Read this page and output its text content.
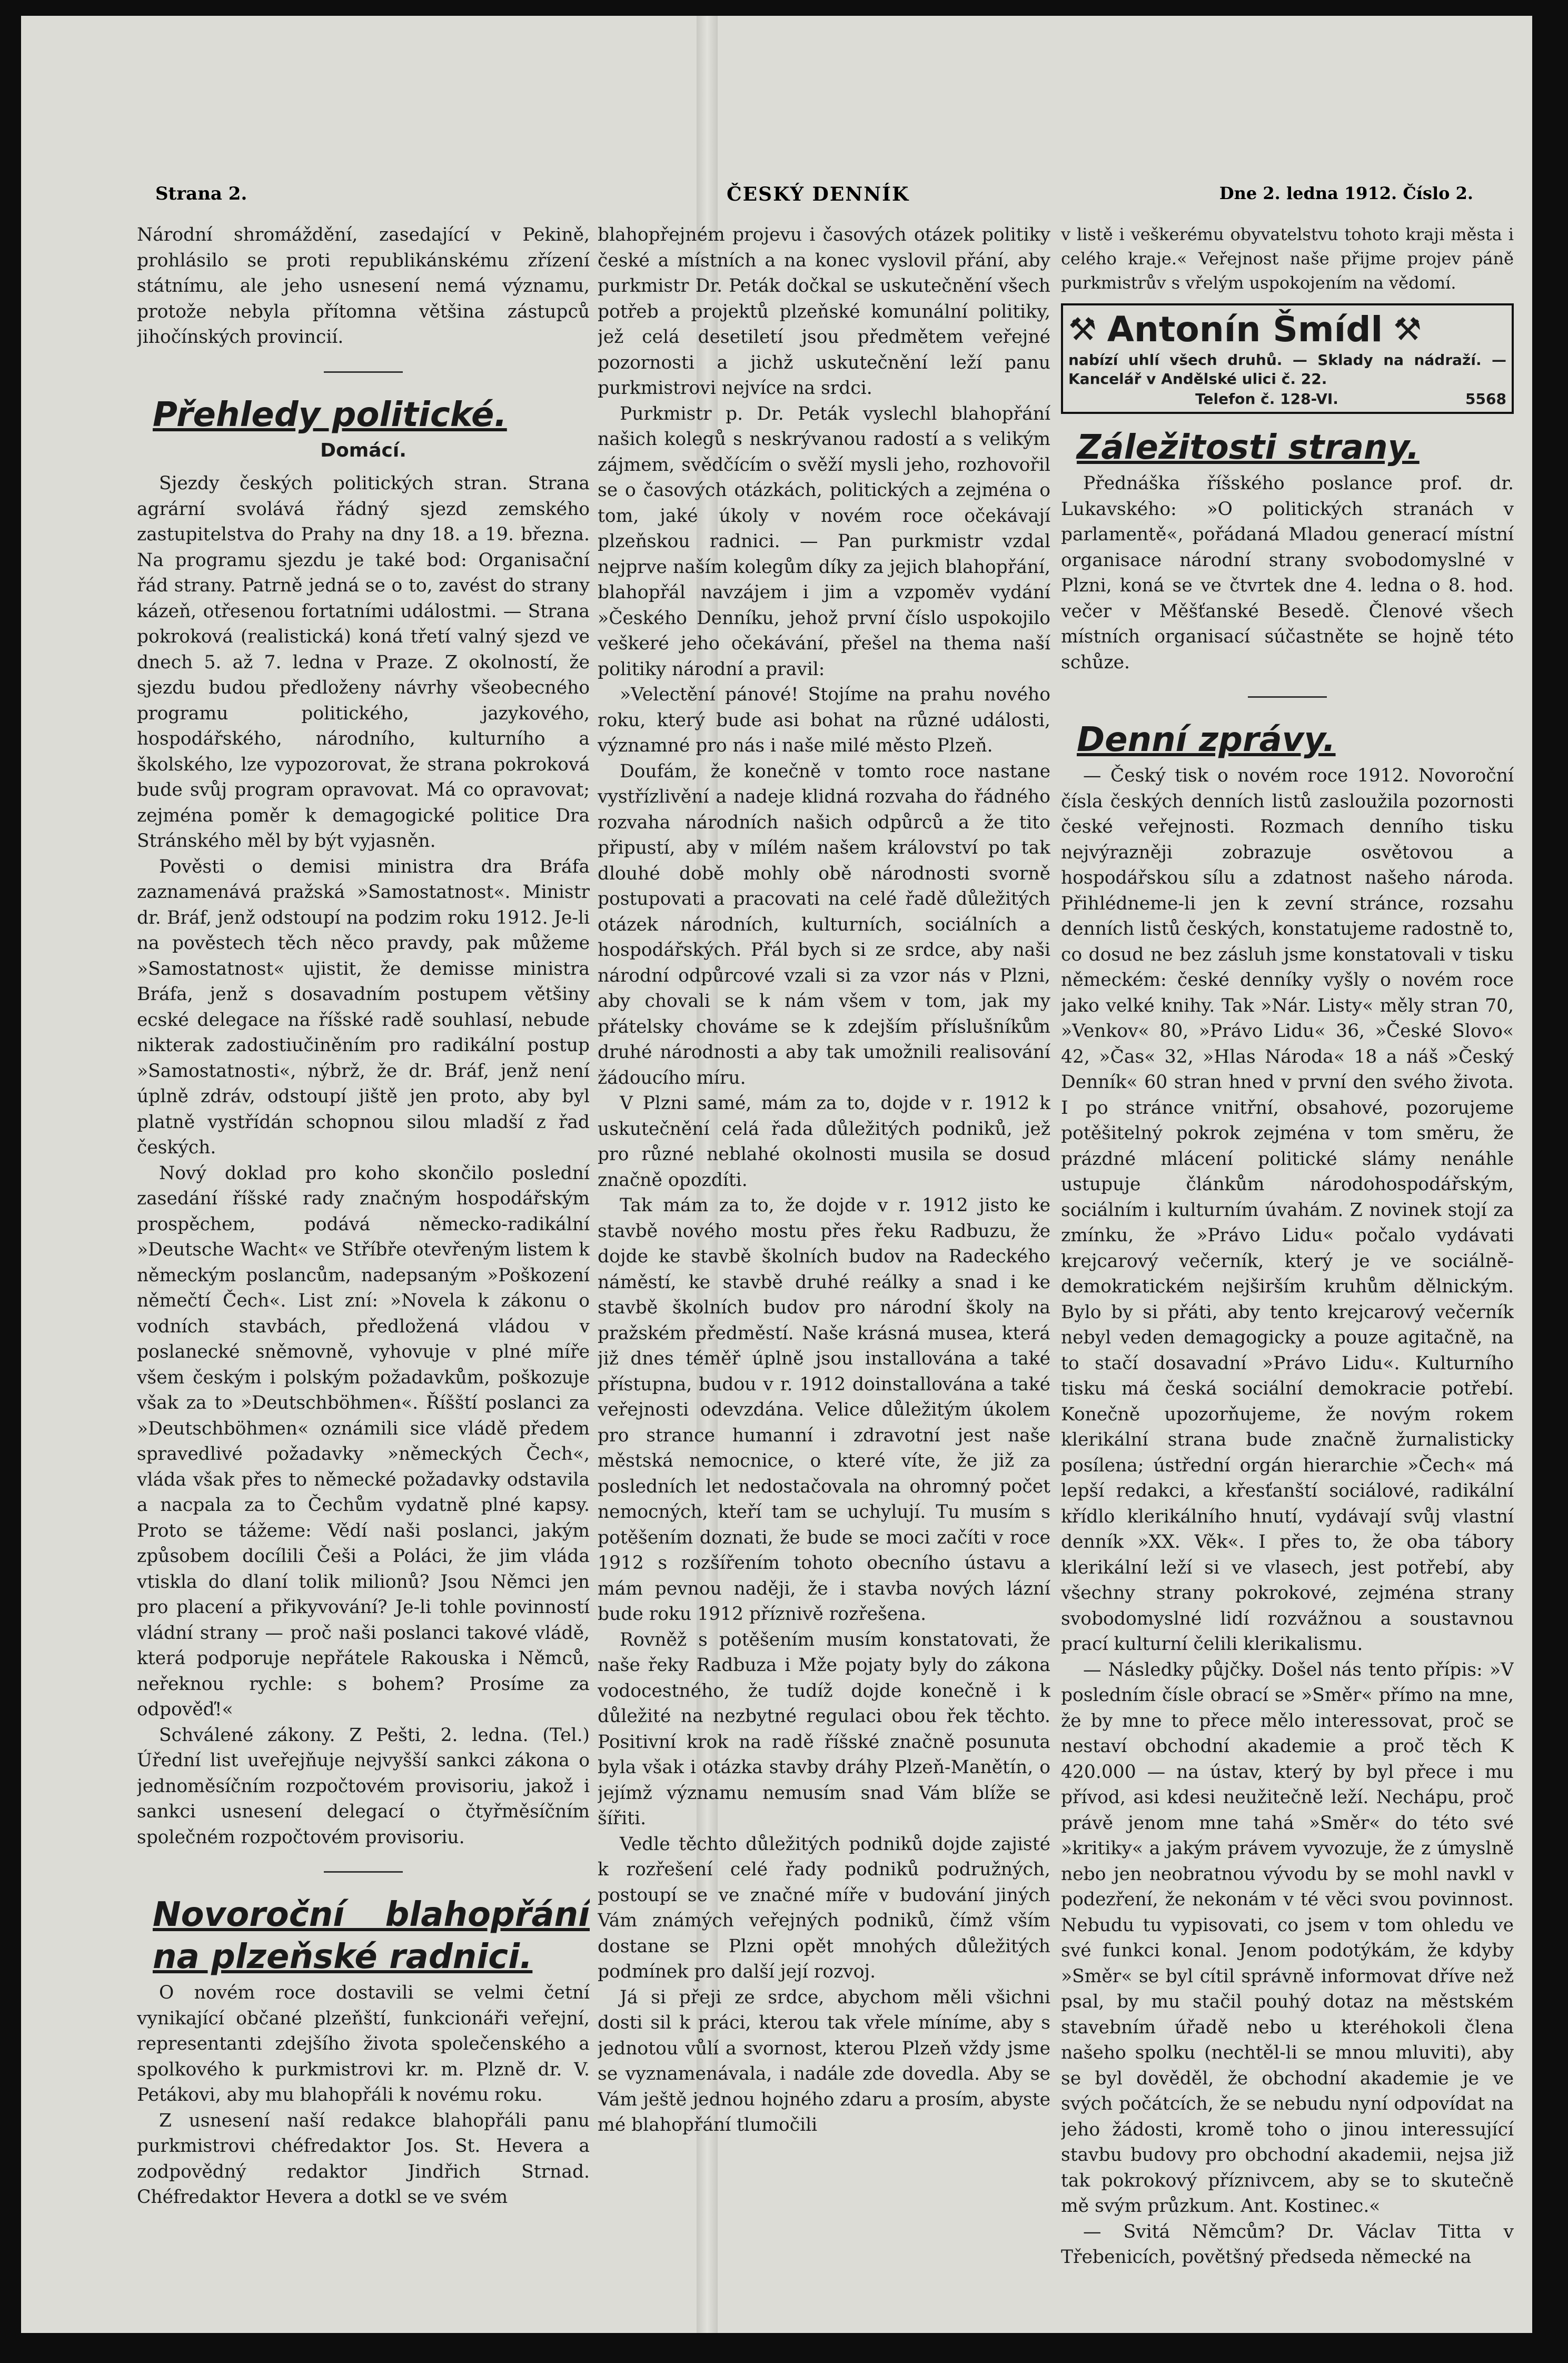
Strana 2.	ČESKÝ DENNÍK	Dne 2. ledna 1912. Číslo 2.

Národní shromáždění, zasedající v Pekině, prohlásilo se proti republikánskému zřízení státnímu, ale jeho usnesení nemá významu, protože nebyla přítomna většina zástupců jihočínských provincií.

Přehledy politické.
Domácí.

Sjezdy českých politických stran. Strana agrární svolává řádný sjezd zemského zastupitelstva do Prahy na dny 18. a 19. března. Na programu sjezdu je také bod: Organisační řád strany. Patrně jedná se o to, zavést do strany kázeň, otřesenou fortatními událostmi. — Strana pokroková (realistická) koná třetí valný sjezd ve dnech 5. až 7. ledna v Praze. Z okolností, že sjezdu budou předloženy návrhy všeobecného programu politického, jazykového, hospodářského, národního, kulturního a školského, lze vypozorovat, že strana pokroková bude svůj program opravovat. Má co opravovat; zejména poměr k demagogické politice Dra Stránského měl by být vyjasněn.

Pověsti o demisi ministra dra Bráfa zaznamenává pražská »Samostatnost«. Ministr dr. Bráf, jenž odstoupí na podzim roku 1912. Je-li na pověstech těch něco pravdy, pak můžeme »Samostatnost« ujistit, že demisse ministra Bráfa, jenž s dosavadním postupem většiny ecské delegace na říšské radě souhlasí, nebude nikterak zadostiučiněním pro radikální postup »Samostatnosti«, nýbrž, že dr. Bráf, jenž není úplně zdráv, odstoupí jiště jen proto, aby byl platně vystřídán schopnou silou mladší z řad českých.

Nový doklad pro koho skončilo poslední zasedání říšské rady značným hospodářským prospěchem, podává německo-radikální »Deutsche Wacht« ve Stříbře otevřeným listem k německým poslancům, nadepsaným »Poškození němečtí Čech«. List zní: »Novela k zákonu o vodních stavbách, předložená vládou v poslanecké sněmovně, vyhovuje v plné míře všem českým i polským požadavkům, poškozuje však za to »Deutschböhmen«. Říšští poslanci za »Deutschböhmen« oznámili sice vládě předem spravedlivé požadavky »německých Čech«, vláda však přes to německé požadavky odstavila a nacpala za to Čechům vydatně plné kapsy. Proto se tážeme: Vědí naši poslanci, jakým způsobem docílili Češi a Poláci, že jim vláda vtiskla do dlaní tolik milionů? Jsou Němci jen pro placení a přikyvování? Je-li tohle povinností vládní strany — proč naši poslanci takové vládě, která podporuje nepřátele Rakouska i Němců, neřeknou rychle: s bohem? Prosíme za odpověď!«

Schválené zákony. Z Pešti, 2. ledna. (Tel.) Úřední list uveřejňuje nejvyšší sankci zákona o jednoměsíčním rozpočtovém provisoriu, jakož i sankci usnesení delegací o čtyřměsíčním společném rozpočtovém provisoriu.

Novoroční blahopřání na plzeňské radnici.

O novém roce dostavili se velmi četní vynikající občané plzeňští, funkcionáři veřejní, representanti zdejšího života společenského a spolkového k purkmistrovi kr. m. Plzně dr. V. Petákovi, aby mu blahopřáli k novému roku.

Z usnesení naší redakce blahopřáli panu purkmistrovi chéfredaktor Jos. St. Hevera a zodpovědný redaktor Jindřich Strnad. Chéfredaktor Hevera a dotkl se ve svém

blahopřejném projevu i časových otázek politiky české a místních a na konec vyslovil přání, aby purkmistr Dr. Peták dočkal se uskutečnění všech potřeb a projektů plzeňské komunální politiky, jež celá desetiletí jsou předmětem veřejné pozornosti a jichž uskutečnění leží panu purkmistrovi nejvíce na srdci.

Purkmistr p. Dr. Peták vyslechl blahopřání našich kolegů s neskrývanou radostí a s velikým zájmem, svědčícím o svěží mysli jeho, rozhovořil se o časových otázkách, politických a zejména o tom, jaké úkoly v novém roce očekávají plzeňskou radnici. — Pan purkmistr vzdal nejprve naším kolegům díky za jejich blahopřání, blahopřál navzájem i jim a vzpoměv vydání »Českého Denníku, jehož první číslo uspokojilo veškeré jeho očekávání, přešel na thema naší politiky národní a pravil:

»Velectění pánové! Stojíme na prahu nového roku, který bude asi bohat na různé události, významné pro nás i naše milé město Plzeň.

Doufám, že konečně v tomto roce nastane vystřízlivění a nadeje klidná rozvaha do řádného rozvaha národních našich odpůrců a že tito připustí, aby v mílém našem království po tak dlouhé době mohly obě národnosti svorně postupovati a pracovati na celé řadě důležitých otázek národních, kulturních, sociálních a hospodářských. Přál bych si ze srdce, aby naši národní odpůrcové vzali si za vzor nás v Plzni, aby chovali se k nám všem v tom, jak my přátelsky chováme se k zdejším příslušníkům druhé národnosti a aby tak umožnili realisování žádoucího míru.

V Plzni samé, mám za to, dojde v r. 1912 k uskutečnění celá řada důležitých podniků, jež pro různé neblahé okolnosti musila se dosud značně opozdíti.

Tak mám za to, že dojde v r. 1912 jisto ke stavbě nového mostu přes řeku Radbuzu, že dojde ke stavbě školních budov na Radeckého náměstí, ke stavbě druhé reálky a snad i ke stavbě školních budov pro národní školy na pražském předměstí. Naše krásná musea, která již dnes téměř úplně jsou installována a také přístupna, budou v r. 1912 doinstallována a také veřejnosti odevzdána. Velice důležitým úkolem pro strance humanní i zdravotní jest naše městská nemocnice, o které víte, že již za posledních let nedostačovala na ohromný počet nemocných, kteří tam se uchylují. Tu musím s potěšením doznati, že bude se moci začíti v roce 1912 s rozšířením tohoto obecního ústavu a mám pevnou naději, že i stavba nových lázní bude roku 1912 příznivě rozřešena.

Rovněž s potěšením musím konstatovati, že naše řeky Radbuza i Mže pojaty byly do zákona vodocestného, že tudíž dojde konečně i k důležité na nezbytné regulaci obou řek těchto. Positivní krok na radě říšské značně posunuta byla však i otázka stavby dráhy Plzeň-Manětín, o jejímž významu nemusím snad Vám blíže se šířiti.

Vedle těchto důležitých podniků dojde zajisté k rozřešení celé řady podniků podružných, postoupí se ve značné míře v budování jiných Vám známých veřejných podniků, čímž vším dostane se Plzni opět mnohých důležitých podmínek pro další její rozvoj.

Já si přeji ze srdce, abychom měli všichni dosti sil k práci, kterou tak vřele míníme, aby s jednotou vůlí a svornost, kterou Plzeň vždy jsme se vyznamenávala, i nadále zde dovedla. Aby se Vám ještě jednou hojného zdaru a prosím, abyste mé blahopřání tlumočili

v listě i veškerému obyvatelstvu tohoto kraji města i celého kraje.« Veřejnost naše přijme projev páně purkmistrův s vřelým uspokojením na vědomí.

⚒ Antonín Šmídl ⚒
nabízí uhlí všech druhů. — Sklady na nádraží. — Kancelář v Andělské ulici č. 22.
Telefon č. 128-VI.	5568
Záležitosti strany.

Přednáška říšského poslance prof. dr. Lukavského: »O politických stranách v parlamentě«, pořádaná Mladou generací místní organisace národní strany svobodomyslné v Plzni, koná se ve čtvrtek dne 4. ledna o 8. hod. večer v Měšťanské Besedě. Členové všech místních organisací súčastněte se hojně této schůze.

Denní zprávy.

— Český tisk o novém roce 1912. Novoroční čísla českých denních listů zasloužila pozornosti české veřejnosti. Rozmach denního tisku nejvýrazněji zobrazuje osvětovou a hospodářskou sílu a zdatnost našeho národa. Přihlédneme-li jen k zevní stránce, rozsahu denních listů českých, konstatujeme radostně to, co dosud ne bez zásluh jsme konstatovali v tisku německém: české denníky vyšly o novém roce jako velké knihy. Tak »Nár. Listy« měly stran 70, »Venkov« 80, »Právo Lidu« 36, »České Slovo« 42, »Čas« 32, »Hlas Národa« 18 a náš »Český Denník« 60 stran hned v první den svého života. I po stránce vnitřní, obsahové, pozorujeme potěšitelný pokrok zejména v tom směru, že prázdné mlácení politické slámy nenáhle ustupuje článkům národohospodářským, sociálním i kulturním úvahám. Z novinek stojí za zmínku, že »Právo Lidu« počalo vydávati krejcarový večerník, který je ve sociálně-demokratickém nejširším kruhům dělnickým. Bylo by si přáti, aby tento krejcarový večerník nebyl veden demagogicky a pouze agitačně, na to stačí dosavadní »Právo Lidu«. Kulturního tisku má česká sociální demokracie potřebí. Konečně upozorňujeme, že novým rokem klerikální strana bude značně žurnalisticky posílena; ústřední orgán hierarchie »Čech« má lepší redakci, a křesťanští sociálové, radikální křídlo klerikálního hnutí, vydávají svůj vlastní denník »XX. Věk«. I přes to, že oba tábory klerikální leží si ve vlasech, jest potřebí, aby všechny strany pokrokové, zejména strany svobodomyslné lidí rozvážnou a soustavnou prací kulturní čelili klerikalismu.

— Následky půjčky. Došel nás tento přípis: »V posledním čísle obrací se »Směr« přímo na mne, že by mne to přece mělo interessovat, proč se nestaví obchodní akademie a proč těch K 420.000 — na ústav, který by byl přece i mu přívod, asi kdesi neužitečně leží. Nechápu, proč právě jenom mne tahá »Směr« do této své »kritiky« a jakým právem vyvozuje, že z úmyslně nebo jen neobratnou vývodu by se mohl navkl v podezření, že nekonám v té věci svou povinnost. Nebudu tu vypisovati, co jsem v tom ohledu ve své funkci konal. Jenom podotýkám, že kdyby »Směr« se byl cítil správně informovat dříve než psal, by mu stačil pouhý dotaz na městském stavebním úřadě nebo u kteréhokoli člena našeho spolku (nechtěl-li se mnou mluviti), aby se byl dověděl, že obchodní akademie je ve svých počátcích, že se nebudu nyní odpovídat na jeho žádosti, kromě toho o jinou interessující stavbu budovy pro obchodní akademii, nejsa již tak pokrokový příznivcem, aby se to skutečně mě svým průzkum. Ant. Kostinec.«

— Svitá Němcům? Dr. Václav Titta v Třebenicích, povětšný předseda německé na
